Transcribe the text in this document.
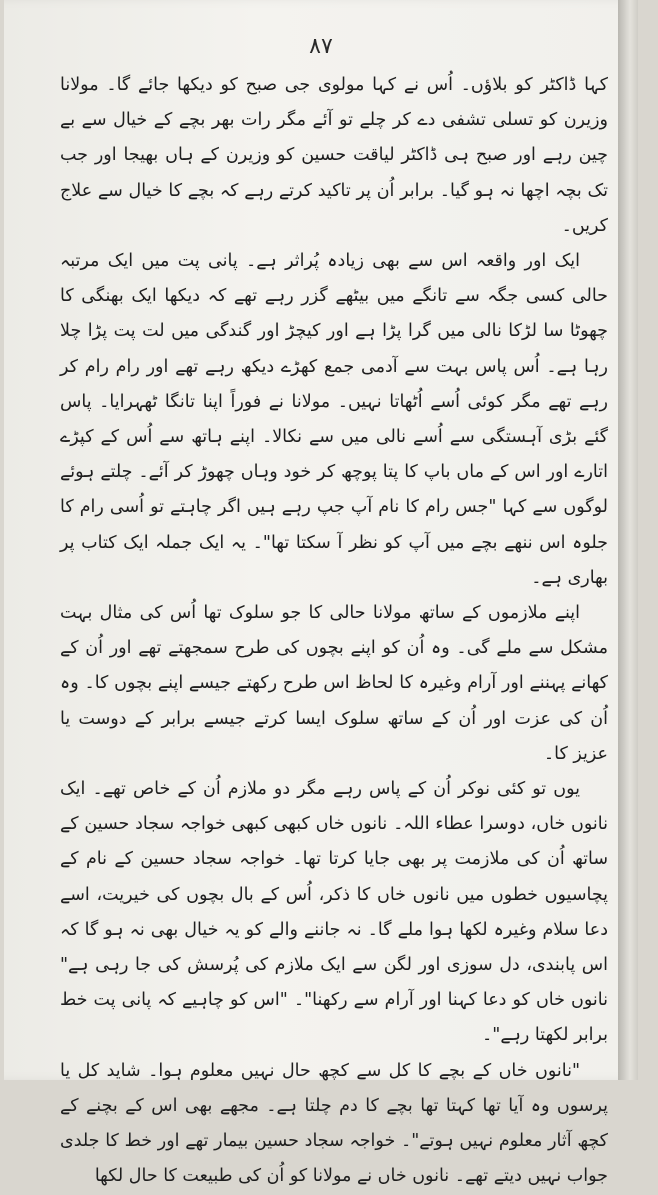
۸۷

کہا ڈاکٹر کو بلاؤں۔ اُس نے کہا مولوی جی صبح کو دیکھا جائے گا۔ مولانا وزیرن کو تسلی تشفی دے کر چلے تو آئے مگر رات بھر بچے کے خیال سے بے چین رہے اور صبح ہی ڈاکٹر لیاقت حسین کو وزیرن کے ہاں بھیجا اور جب تک بچہ اچھا نہ ہو گیا۔ برابر اُن پر تاکید کرتے رہے کہ بچے کا خیال سے علاج کریں۔

ایک اور واقعہ اس سے بھی زیادہ پُراثر ہے۔ پانی پت میں ایک مرتبہ حالی کسی جگہ سے تانگے میں بیٹھے گزر رہے تھے کہ دیکھا ایک بھنگی کا چھوٹا سا لڑکا نالی میں گرا پڑا ہے اور کیچڑ اور گندگی میں لت پت پڑا چلا رہا ہے۔ اُس پاس بہت سے آدمی جمع کھڑے دیکھ رہے تھے اور رام رام کر رہے تھے مگر کوئی اُسے اُٹھاتا نہیں۔ مولانا نے فوراً اپنا تانگا ٹھہرایا۔ پاس گئے بڑی آہستگی سے اُسے نالی میں سے نکالا۔ اپنے ہاتھ سے اُس کے کپڑے اتارے اور اس کے ماں باپ کا پتا پوچھ کر خود وہاں چھوڑ کر آئے۔ چلتے ہوئے لوگوں سے کہا "جس رام کا نام آپ جپ رہے ہیں اگر چاہتے تو اُسی رام کا جلوہ اس ننھے بچے میں آپ کو نظر آ سکتا تھا"۔ یہ ایک جملہ ایک کتاب پر بھاری ہے۔

اپنے ملازموں کے ساتھ مولانا حالی کا جو سلوک تھا اُس کی مثال بہت مشکل سے ملے گی۔ وہ اُن کو اپنے بچوں کی طرح سمجھتے تھے اور اُن کے کھانے پہننے اور آرام وغیرہ کا لحاظ اس طرح رکھتے جیسے اپنے بچوں کا۔ وہ اُن کی عزت اور اُن کے ساتھ سلوک ایسا کرتے جیسے برابر کے دوست یا عزیز کا۔

یوں تو کئی نوکر اُن کے پاس رہے مگر دو ملازم اُن کے خاص تھے۔ ایک نانوں خاں، دوسرا عطاء اللہ۔ نانوں خاں کبھی کبھی خواجہ سجاد حسین کے ساتھ اُن کی ملازمت پر بھی جایا کرتا تھا۔ خواجہ سجاد حسین کے نام کے پچاسیوں خطوں میں نانوں خاں کا ذکر، اُس کے بال بچوں کی خیریت، اسے دعا سلام وغیرہ لکھا ہوا ملے گا۔ نہ جاننے والے کو یہ خیال بھی نہ ہو گا کہ اس پابندی، دل سوزی اور لگن سے ایک ملازم کی پُرسش کی جا رہی ہے" نانوں خاں کو دعا کہنا اور آرام سے رکھنا"۔ "اس کو چاہیے کہ پانی پت خط برابر لکھتا رہے"۔

"نانوں خاں کے بچے کا کل سے کچھ حال نہیں معلوم ہوا۔ شاید کل یا پرسوں وہ آیا تھا کہتا تھا بچے کا دم چلتا ہے۔ مجھے بھی اس کے بچنے کے کچھ آثار معلوم نہیں ہوتے"۔ خواجہ سجاد حسین بیمار تھے اور خط کا جلدی جواب نہیں دیتے تھے۔ نانوں خاں نے مولانا کو اُن کی طبیعت کا حال لکھا
